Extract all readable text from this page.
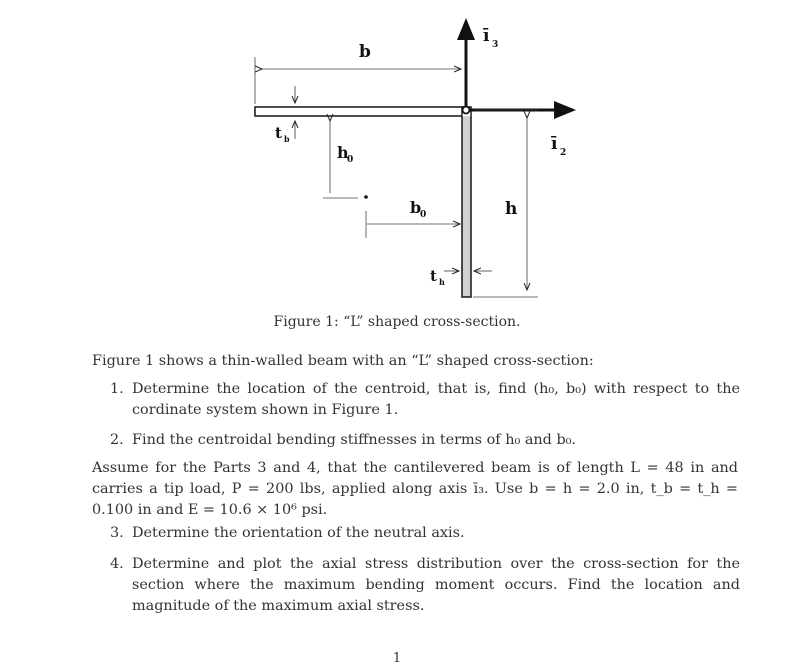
b
ī 3
ī 2
t b
h
0
b
0	h
t h
Figure 1: “L” shaped cross-section.
Figure 1 shows a thin-walled beam with an “L” shaped cross-section:
1. Determine the location of the centroid, that is, find (h₀, b₀) with respect to the cordinate system shown in Figure 1.
2. Find the centroidal bending stiffnesses in terms of h₀ and b₀.
Assume for the Parts 3 and 4, that the cantilevered beam is of length L = 48 in and carries a tip load, P = 200 lbs, applied along axis ī₃. Use b = h = 2.0 in, t_b = t_h = 0.100 in and E = 10.6 × 10⁶ psi.
3. Determine the orientation of the neutral axis.
4. Determine and plot the axial stress distribution over the cross-section for the section where the maximum bending moment occurs. Find the location and magnitude of the maximum axial stress.
1
